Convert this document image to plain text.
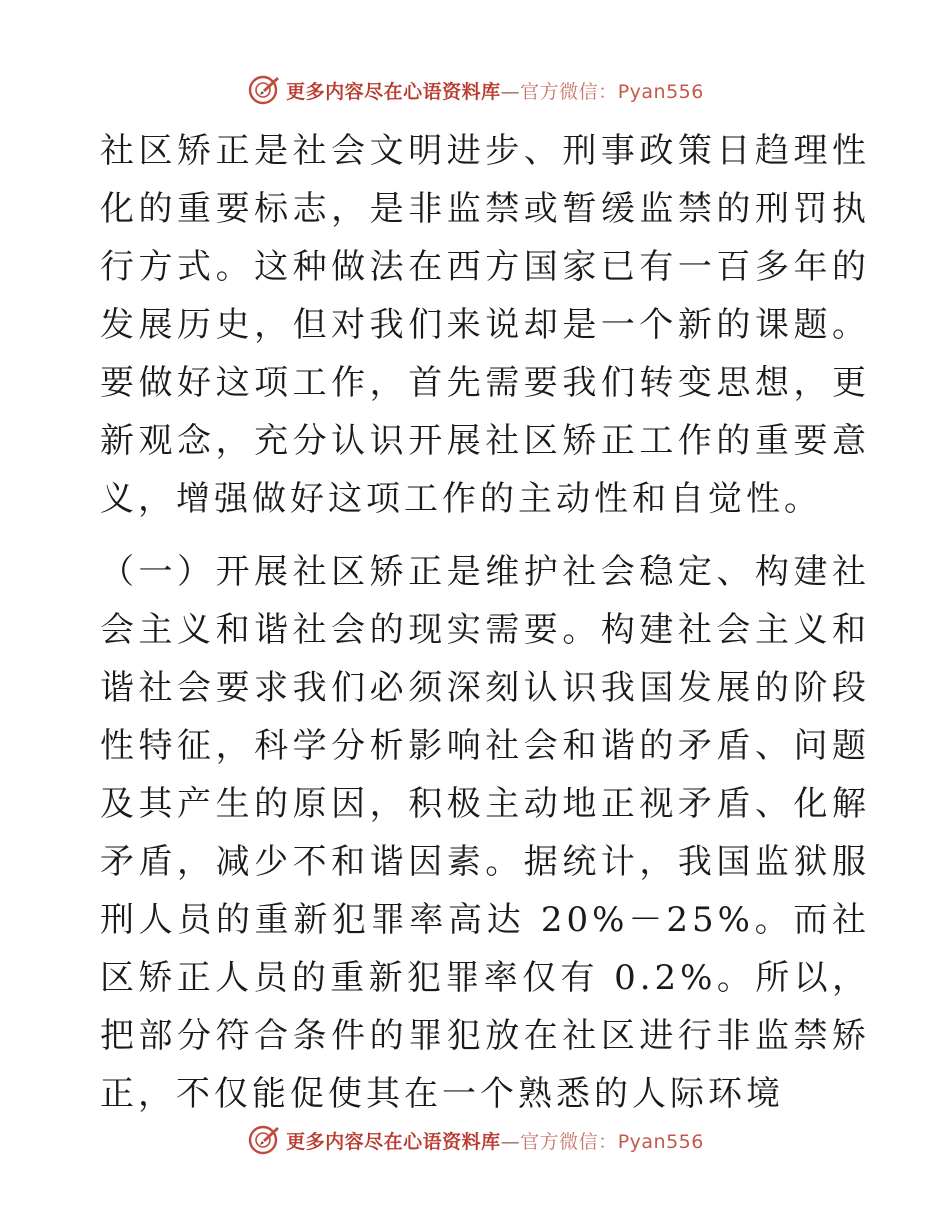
更多内容尽在心语资料库—官方微信：Pyan556

社区矫正是社会文明进步、刑事政策日趋理性化的重要标志，是非监禁或暂缓监禁的刑罚执行方式。这种做法在西方国家已有一百多年的发展历史，但对我们来说却是一个新的课题。要做好这项工作，首先需要我们转变思想，更新观念，充分认识开展社区矫正工作的重要意义，增强做好这项工作的主动性和自觉性。

（一）开展社区矫正是维护社会稳定、构建社会主义和谐社会的现实需要。构建社会主义和谐社会要求我们必须深刻认识我国发展的阶段性特征，科学分析影响社会和谐的矛盾、问题及其产生的原因，积极主动地正视矛盾、化解矛盾，减少不和谐因素。据统计，我国监狱服刑人员的重新犯罪率高达 20%－25%。而社区矫正人员的重新犯罪率仅有 0.2%。所以，把部分符合条件的罪犯放在社区进行非监禁矫正，不仅能促使其在一个熟悉的人际环境

更多内容尽在心语资料库—官方微信：Pyan556
